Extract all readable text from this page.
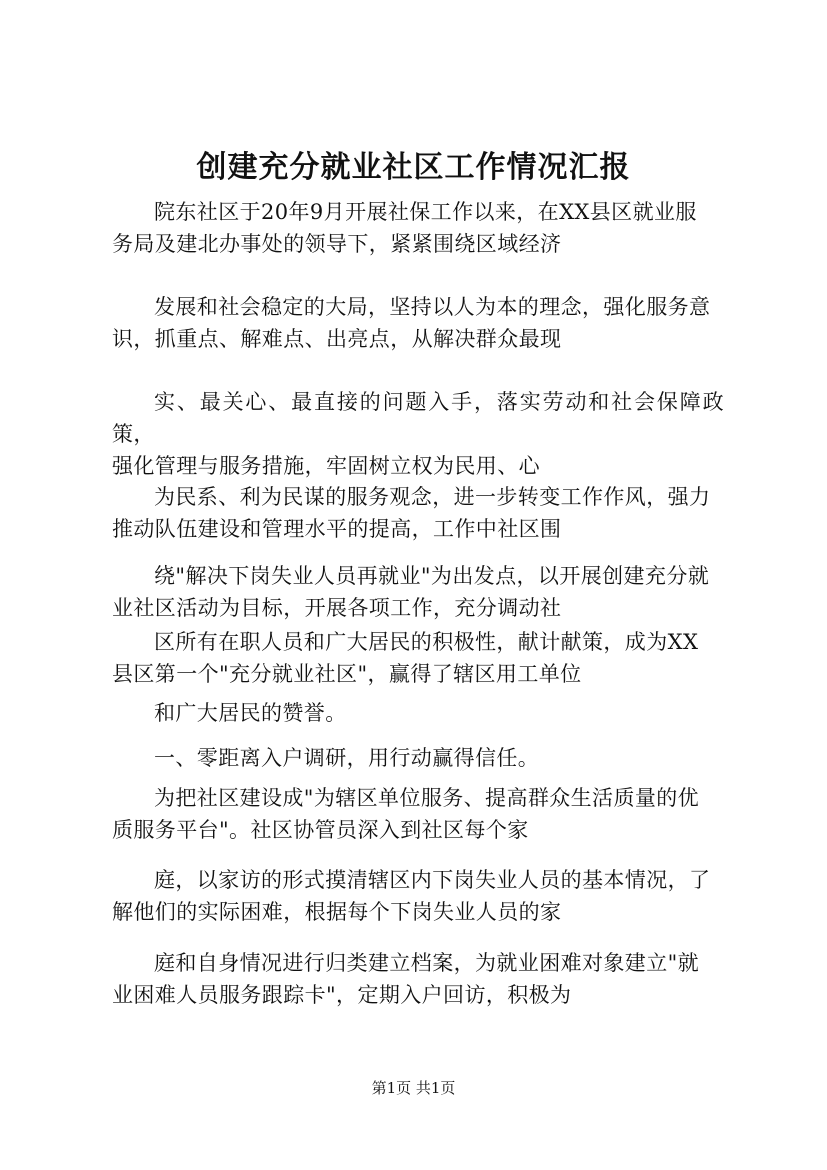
创建充分就业社区工作情况汇报
院东社区于20年9月开展社保工作以来，在XX县区就业服
务局及建北办事处的领导下，紧紧围绕区域经济
发展和社会稳定的大局，坚持以人为本的理念，强化服务意
识，抓重点、解难点、出亮点，从解决群众最现
实、最关心、最直接的问题入手，落实劳动和社会保障政策，
强化管理与服务措施，牢固树立权为民用、心
为民系、利为民谋的服务观念，进一步转变工作作风，强力
推动队伍建设和管理水平的提高，工作中社区围
绕"解决下岗失业人员再就业"为出发点，以开展创建充分就
业社区活动为目标，开展各项工作，充分调动社
区所有在职人员和广大居民的积极性，献计献策，成为XX
县区第一个"充分就业社区"，赢得了辖区用工单位
和广大居民的赞誉。
一、零距离入户调研，用行动赢得信任。
为把社区建设成"为辖区单位服务、提高群众生活质量的优
质服务平台"。社区协管员深入到社区每个家
庭，以家访的形式摸清辖区内下岗失业人员的基本情况，了
解他们的实际困难，根据每个下岗失业人员的家
庭和自身情况进行归类建立档案，为就业困难对象建立"就
业困难人员服务跟踪卡"，定期入户回访，积极为
第1页 共1页
